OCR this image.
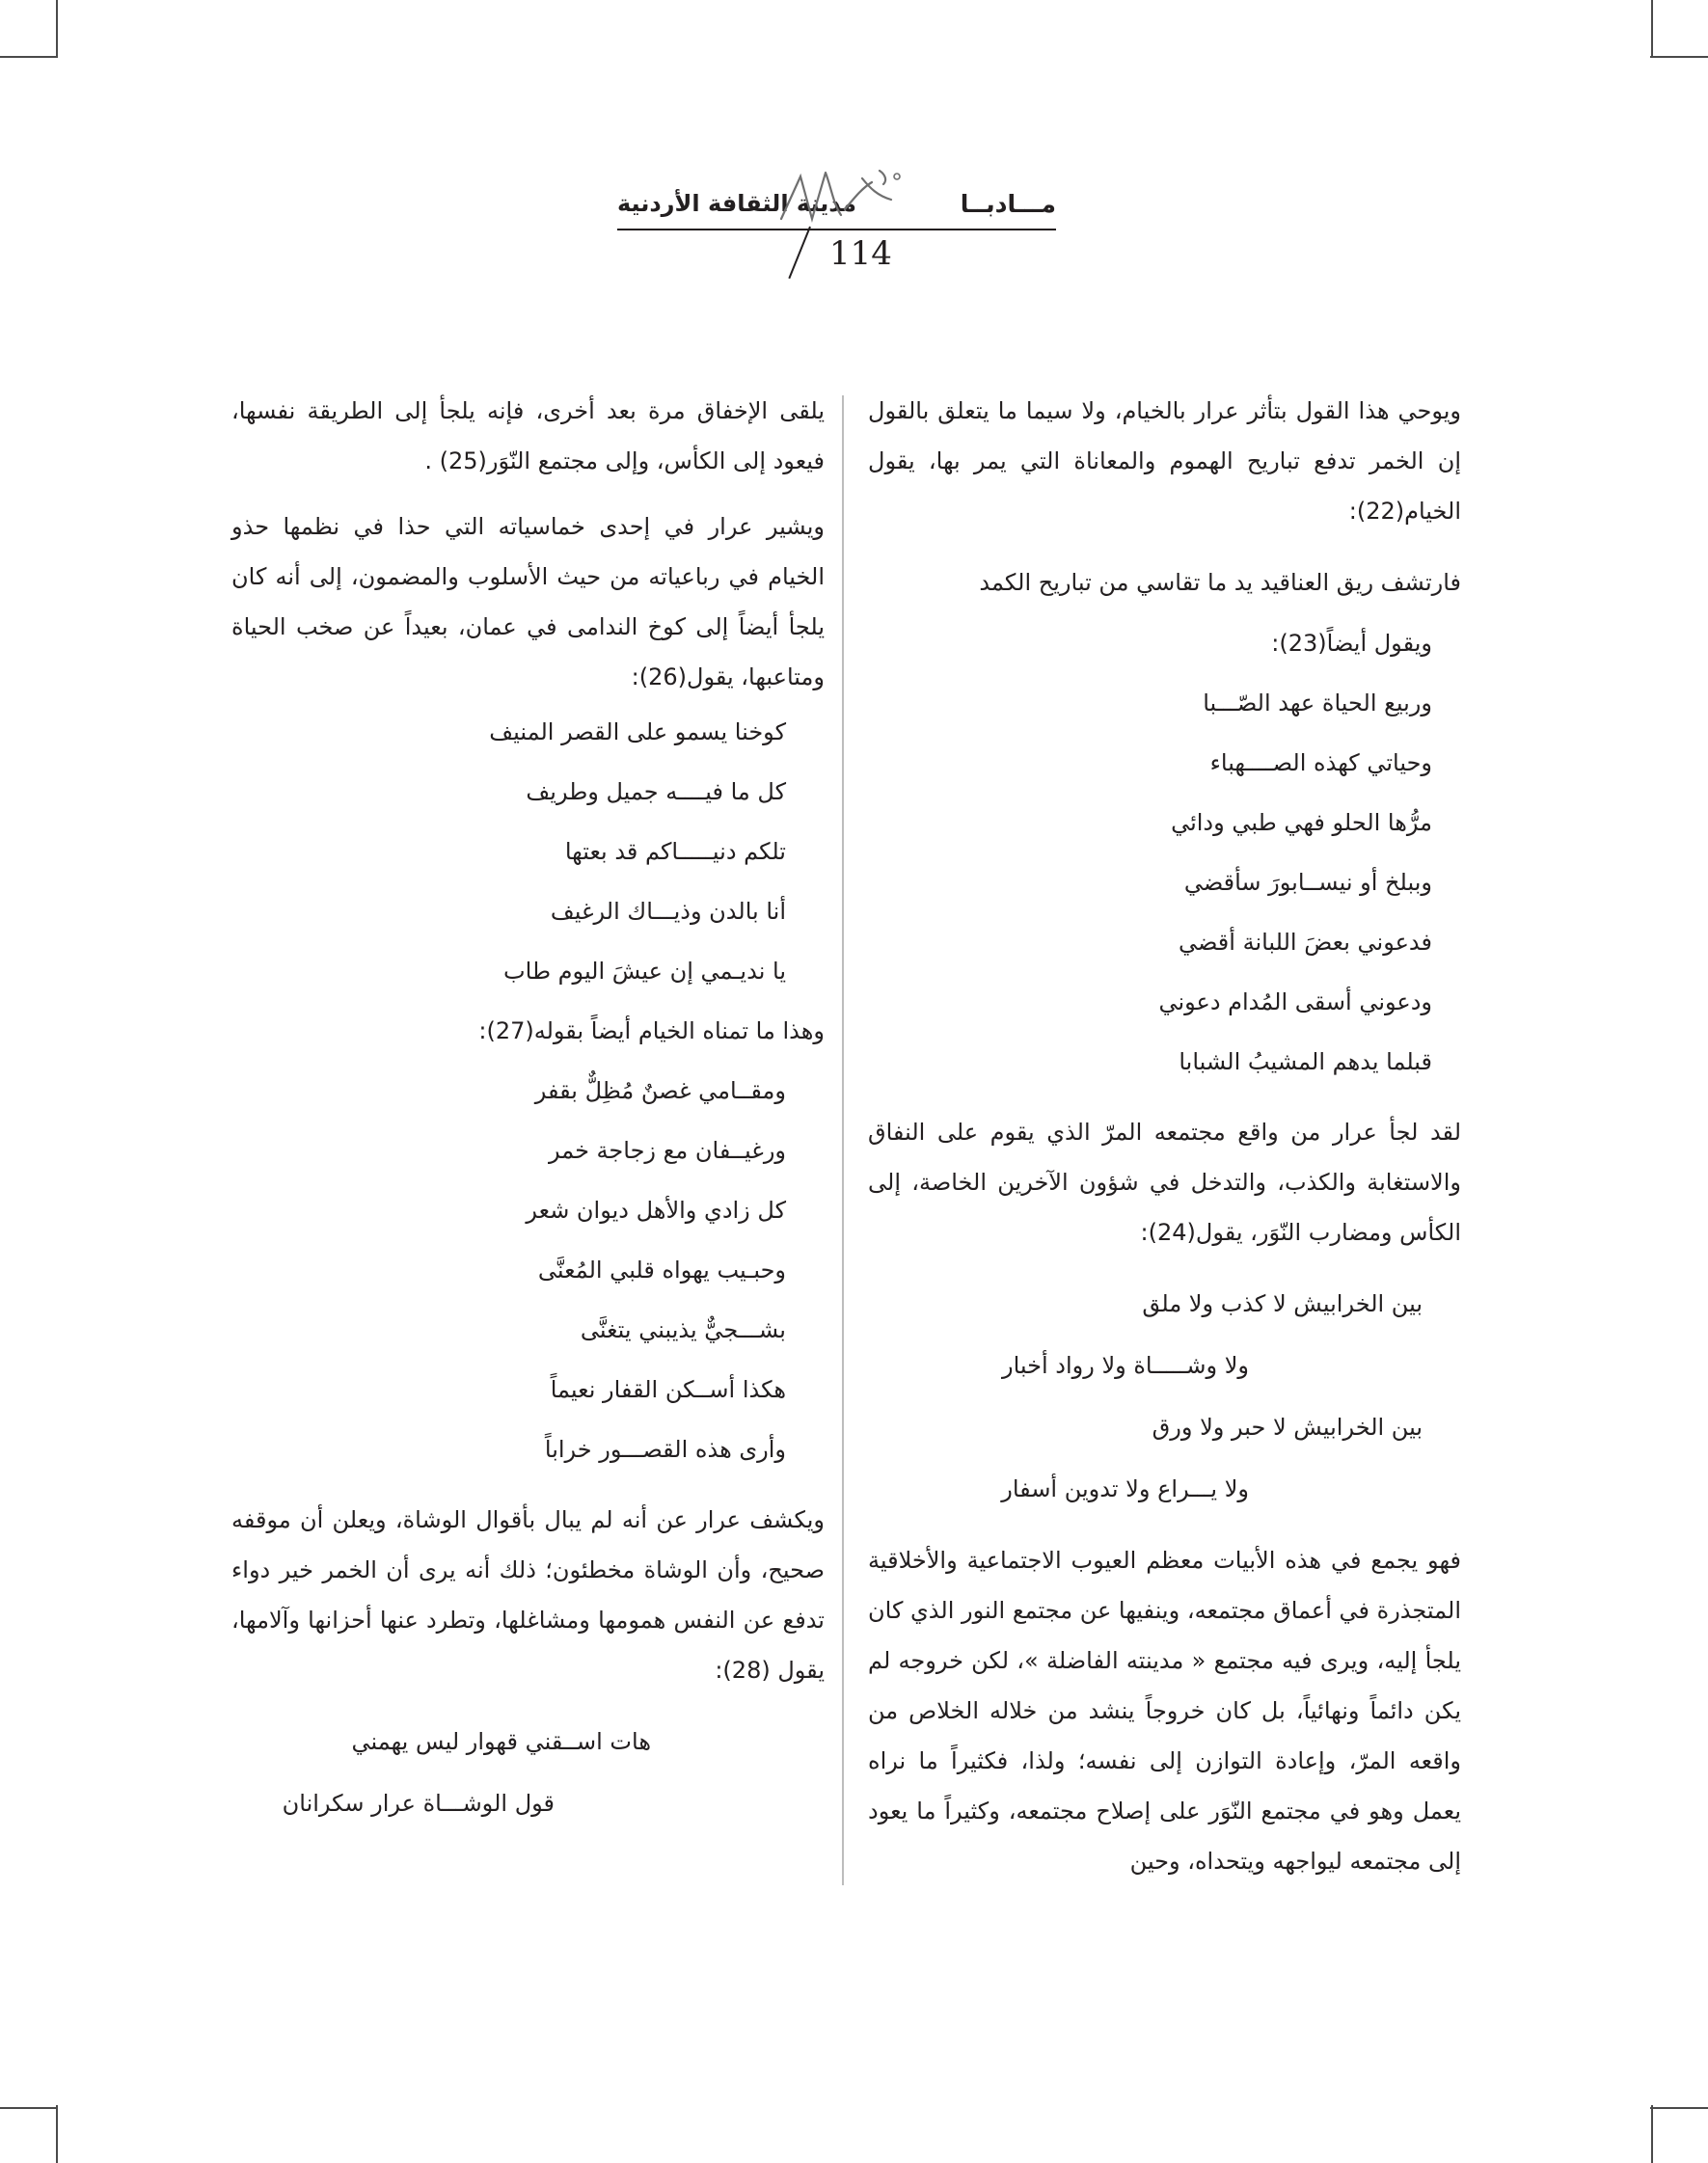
مـــادبــا
مدينة الثقافة الأردنية
114

ويوحي هذا القول بتأثر عرار بالخيام، ولا سيما ما يتعلق بالقول إن الخمر تدفع تباريح الهموم والمعاناة التي يمر بها، يقول الخيام(22):

فارتشف ريق العناقيد يد ما تقاسي من تباريح الكمد
ويقول أيضاً(23):
وربيع الحياة عهد الصّـــبا
وحياتي كهذه الصــــهباء
مرُّها الحلو فهي طبي ودائي
وببلخ أو نيســابورَ سأقضي
فدعوني بعضَ اللبانة أقضي
ودعوني أسقى المُدام دعوني
قبلما يدهم المشيبُ الشبابا

لقد لجأ عرار من واقع مجتمعه المرّ الذي يقوم على النفاق والاستغابة والكذب، والتدخل في شؤون الآخرين الخاصة، إلى الكأس ومضارب النّوَر، يقول(24):

بين الخرابيش لا كذب ولا ملق
ولا وشـــــاة ولا رواد أخبار
بين الخرابيش لا حبر ولا ورق
ولا يـــراع ولا تدوين أسفار

فهو يجمع في هذه الأبيات معظم العيوب الاجتماعية والأخلاقية المتجذرة في أعماق مجتمعه، وينفيها عن مجتمع النور الذي كان يلجأ إليه، ويرى فيه مجتمع « مدينته الفاضلة »، لكن خروجه لم يكن دائماً ونهائياً، بل كان خروجاً ينشد من خلاله الخلاص من واقعه المرّ، وإعادة التوازن إلى نفسه؛ ولذا، فكثيراً ما نراه يعمل وهو في مجتمع النّوَر على إصلاح مجتمعه، وكثيراً ما يعود إلى مجتمعه ليواجهه ويتحداه، وحين

يلقى الإخفاق مرة بعد أخرى، فإنه يلجأ إلى الطريقة نفسها، فيعود إلى الكأس، وإلى مجتمع النّوَر(25) .

ويشير عرار في إحدى خماسياته التي حذا في نظمها حذو الخيام في رباعياته من حيث الأسلوب والمضمون، إلى أنه كان يلجأ أيضاً إلى كوخ الندامى في عمان، بعيداً عن صخب الحياة ومتاعبها، يقول(26):

كوخنا يسمو على القصر المنيف
كل ما فيــــه جميل وطريف
تلكم دنيـــــاكم قد بعتها
أنا بالدن وذيـــاك الرغيف
يا نديـمي إن عيشَ اليوم طاب
وهذا ما تمناه الخيام أيضاً بقوله(27):
ومقــامي غصنٌ مُظِلٌّ بقفر
ورغيــفان مع زجاجة خمر
كل زادي والأهل ديوان شعر
وحبـيب يهواه قلبي المُعنَّى
بشـــجيٌّ يذيبني يتغنَّى
هكذا أســكن القفار نعيماً
وأرى هذه القصـــور خراباً

ويكشف عرار عن أنه لم يبال بأقوال الوشاة، ويعلن أن موقفه صحيح، وأن الوشاة مخطئون؛ ذلك أنه يرى أن الخمر خير دواء تدفع عن النفس همومها ومشاغلها، وتطرد عنها أحزانها وآلامها، يقول (28):

هات اســقني قهوار ليس يهمني
قول الوشـــاة عرار سكرانان
